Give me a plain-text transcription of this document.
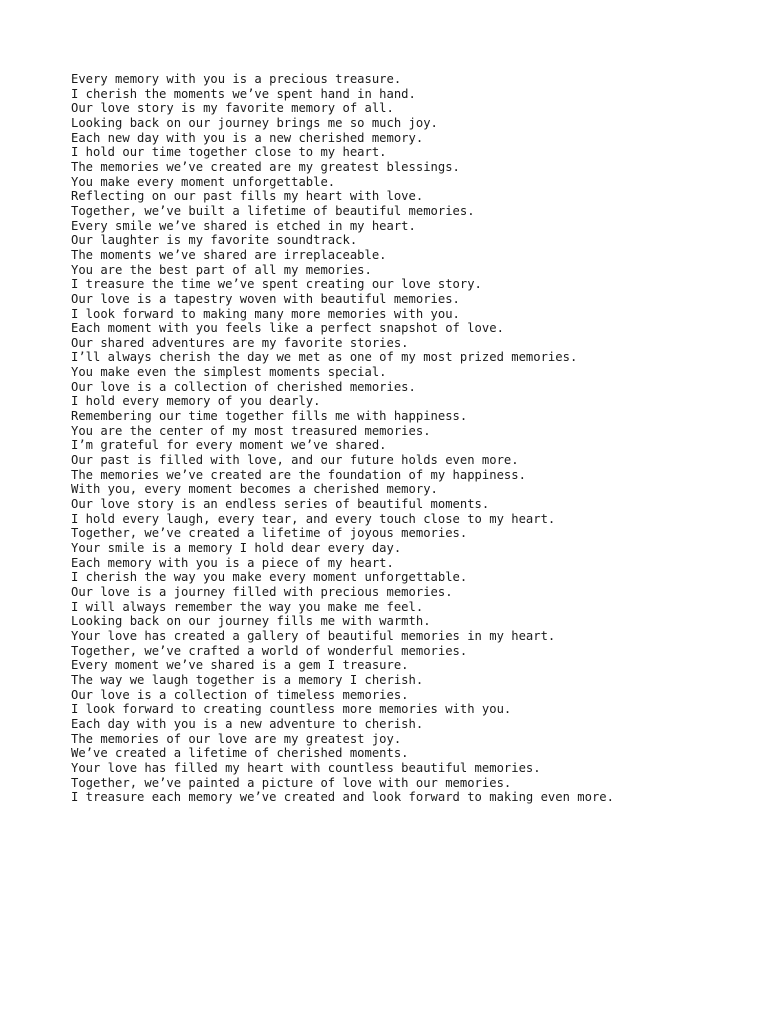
Every memory with you is a precious treasure.
I cherish the moments we’ve spent hand in hand.
Our love story is my favorite memory of all.
Looking back on our journey brings me so much joy.
Each new day with you is a new cherished memory.
I hold our time together close to my heart.
The memories we’ve created are my greatest blessings.
You make every moment unforgettable.
Reflecting on our past fills my heart with love.
Together, we’ve built a lifetime of beautiful memories.
Every smile we’ve shared is etched in my heart.
Our laughter is my favorite soundtrack.
The moments we’ve shared are irreplaceable.
You are the best part of all my memories.
I treasure the time we’ve spent creating our love story.
Our love is a tapestry woven with beautiful memories.
I look forward to making many more memories with you.
Each moment with you feels like a perfect snapshot of love.
Our shared adventures are my favorite stories.
I’ll always cherish the day we met as one of my most prized memories.
You make even the simplest moments special.
Our love is a collection of cherished memories.
I hold every memory of you dearly.
Remembering our time together fills me with happiness.
You are the center of my most treasured memories.
I’m grateful for every moment we’ve shared.
Our past is filled with love, and our future holds even more.
The memories we’ve created are the foundation of my happiness.
With you, every moment becomes a cherished memory.
Our love story is an endless series of beautiful moments.
I hold every laugh, every tear, and every touch close to my heart.
Together, we’ve created a lifetime of joyous memories.
Your smile is a memory I hold dear every day.
Each memory with you is a piece of my heart.
I cherish the way you make every moment unforgettable.
Our love is a journey filled with precious memories.
I will always remember the way you make me feel.
Looking back on our journey fills me with warmth.
Your love has created a gallery of beautiful memories in my heart.
Together, we’ve crafted a world of wonderful memories.
Every moment we’ve shared is a gem I treasure.
The way we laugh together is a memory I cherish.
Our love is a collection of timeless memories.
I look forward to creating countless more memories with you.
Each day with you is a new adventure to cherish.
The memories of our love are my greatest joy.
We’ve created a lifetime of cherished moments.
Your love has filled my heart with countless beautiful memories.
Together, we’ve painted a picture of love with our memories.
I treasure each memory we’ve created and look forward to making even more.
